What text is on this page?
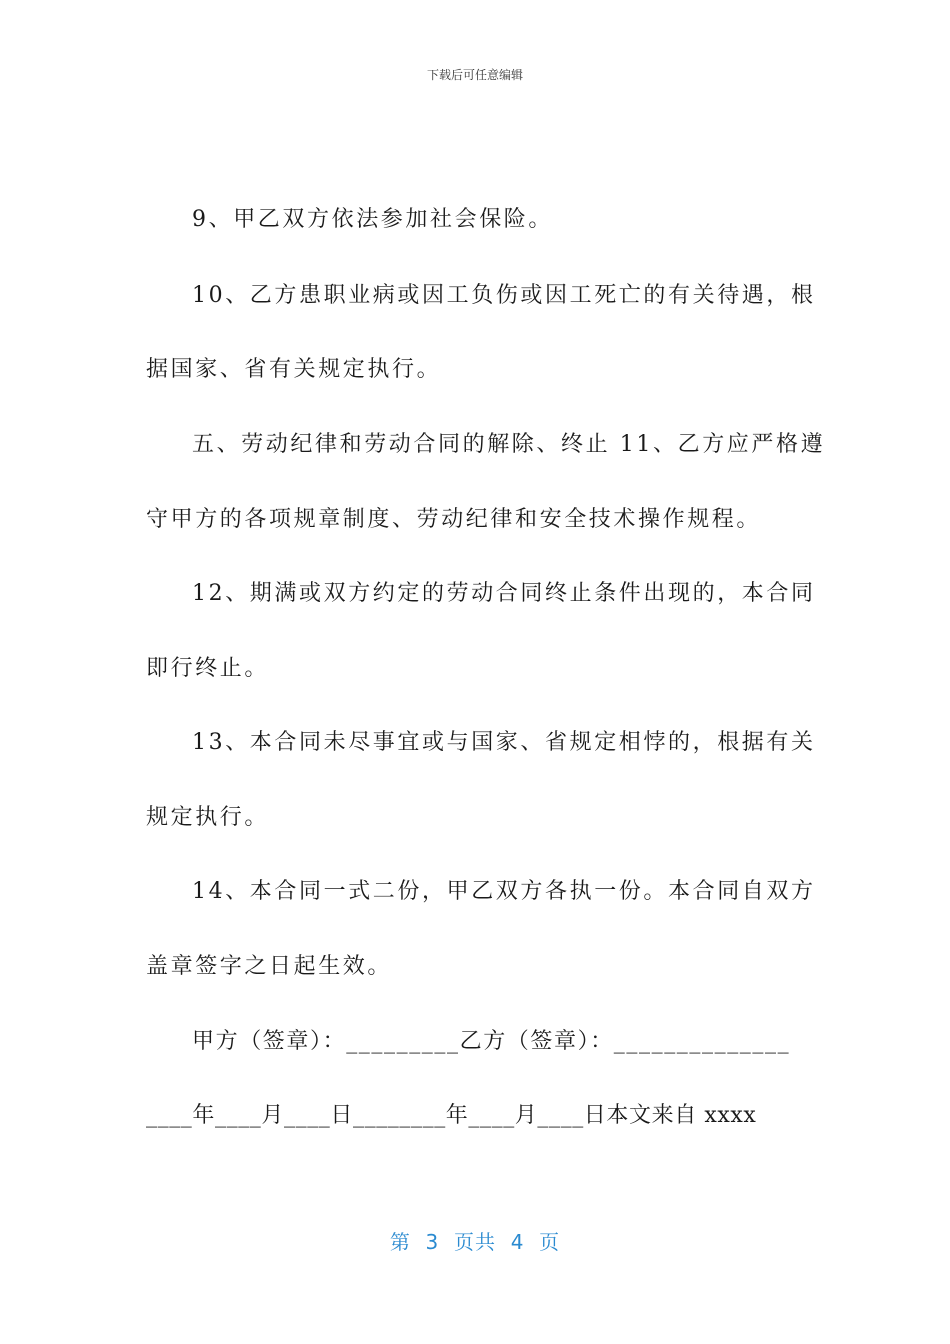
下载后可任意编辑
9、甲乙双方依法参加社会保险。
10、乙方患职业病或因工负伤或因工死亡的有关待遇，根
据国家、省有关规定执行。
五、劳动纪律和劳动合同的解除、终止 11、乙方应严格遵
守甲方的各项规章制度、劳动纪律和安全技术操作规程。
12、期满或双方约定的劳动合同终止条件出现的，本合同
即行终止。
13、本合同未尽事宜或与国家、省规定相悖的，根据有关
规定执行。
14、本合同一式二份，甲乙双方各执一份。本合同自双方
盖章签字之日起生效。
甲方（签章）：_________乙方（签章）：______________
____年____月____日________年____月____日本文来自 xxxx
第  3  页共  4  页
